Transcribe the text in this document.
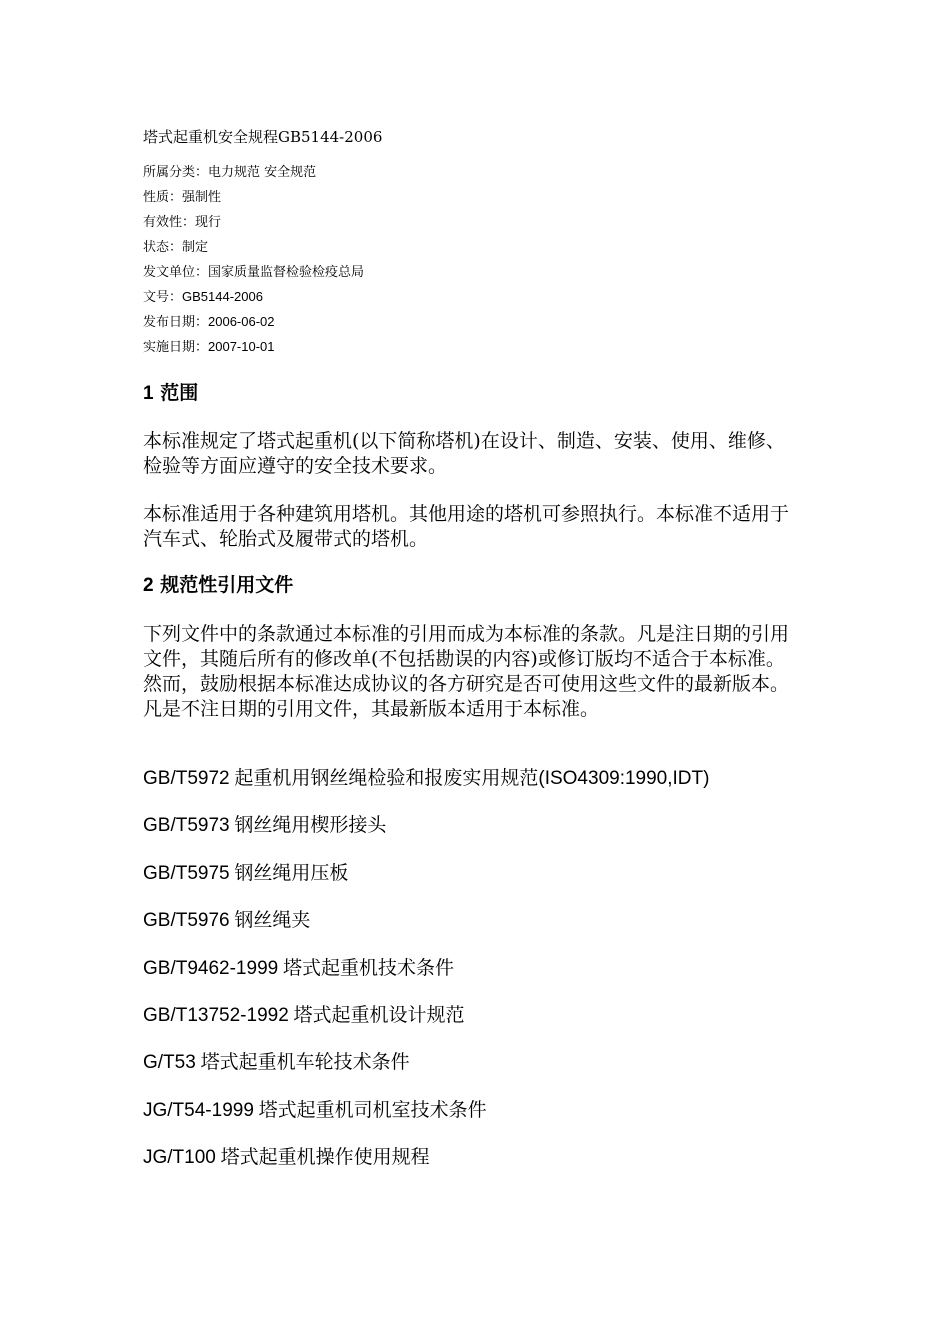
塔式起重机安全规程GB5144-2006
所属分类：电力规范 安全规范
性质：强制性
有效性：现行
状态：制定
发文单位：国家质量监督检验检疫总局
文号：GB5144-2006
发布日期：2006-06-02
实施日期：2007-10-01
1 范围

本标准规定了塔式起重机(以下简称塔机)在设计、制造、安装、使用、维修、检验等方面应遵守的安全技术要求。

本标准适用于各种建筑用塔机。其他用途的塔机可参照执行。本标准不适用于汽车式、轮胎式及履带式的塔机。

2 规范性引用文件

下列文件中的条款通过本标准的引用而成为本标准的条款。凡是注日期的引用文件，其随后所有的修改单(不包括勘误的内容)或修订版均不适合于本标准。然而，鼓励根据本标准达成协议的各方研究是否可使用这些文件的最新版本。凡是不注日期的引用文件，其最新版本适用于本标准。

GB/T5972 起重机用钢丝绳检验和报废实用规范(ISO4309:1990,IDT)
GB/T5973 钢丝绳用楔形接头
GB/T5975 钢丝绳用压板
GB/T5976 钢丝绳夹
GB/T9462-1999 塔式起重机技术条件
GB/T13752-1992 塔式起重机设计规范
G/T53 塔式起重机车轮技术条件
JG/T54-1999 塔式起重机司机室技术条件
JG/T100 塔式起重机操作使用规程
